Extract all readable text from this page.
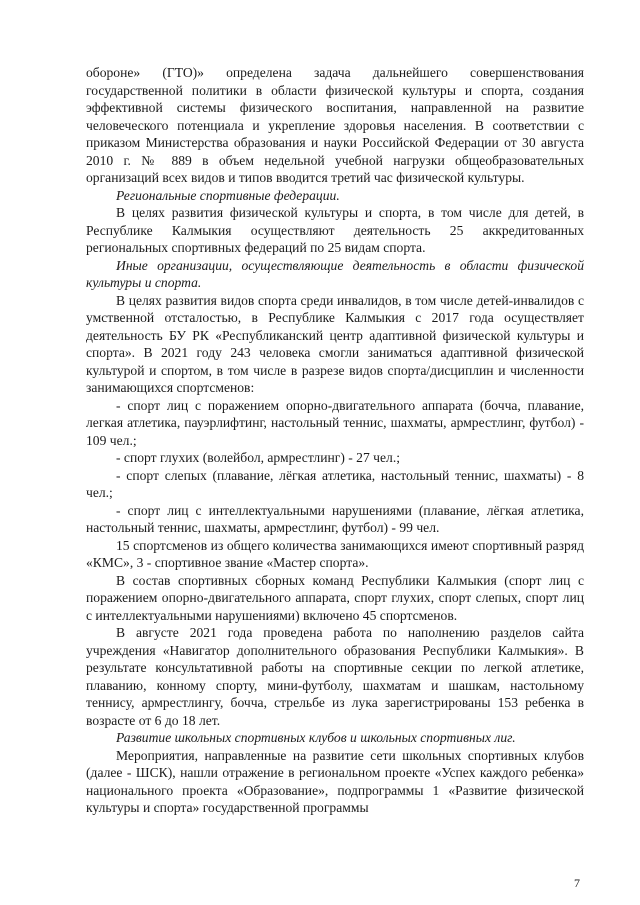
обороне» (ГТО)» определена задача дальнейшего совершенствования государственной политики в области физической культуры и спорта, создания эффективной системы физического воспитания, направленной на развитие человеческого потенциала и укрепление здоровья населения. В соответствии с приказом Министерства образования и науки Российской Федерации от 30 августа 2010 г. № 889 в объем недельной учебной нагрузки общеобразовательных организаций всех видов и типов вводится третий час физической культуры.

Региональные спортивные федерации.

В целях развития физической культуры и спорта, в том числе для детей, в Республике Калмыкия осуществляют деятельность 25 аккредитованных региональных спортивных федераций по 25 видам спорта.

Иные организации, осуществляющие деятельность в области физической культуры и спорта.

В целях развития видов спорта среди инвалидов, в том числе детей-инвалидов с умственной отсталостью, в Республике Калмыкия с 2017 года осуществляет деятельность БУ РК «Республиканский центр адаптивной физической культуры и спорта». В 2021 году 243 человека смогли заниматься адаптивной физической культурой и спортом, в том числе в разрезе видов спорта/дисциплин и численности занимающихся спортсменов:

- спорт лиц с поражением опорно-двигательного аппарата (бочча, плавание, легкая атлетика, пауэрлифтинг, настольный теннис, шахматы, армрестлинг, футбол) - 109 чел.;

- спорт глухих (волейбол, армрестлинг) - 27 чел.;

- спорт слепых (плавание, лёгкая атлетика, настольный теннис, шахматы) - 8 чел.;

- спорт лиц с интеллектуальными нарушениями (плавание, лёгкая атлетика, настольный теннис, шахматы, армрестлинг, футбол) - 99 чел.

15 спортсменов из общего количества занимающихся имеют спортивный разряд «КМС», 3 - спортивное звание «Мастер спорта».

В состав спортивных сборных команд Республики Калмыкия (спорт лиц с поражением опорно-двигательного аппарата, спорт глухих, спорт слепых, спорт лиц с интеллектуальными нарушениями) включено 45 спортсменов.

В августе 2021 года проведена работа по наполнению разделов сайта учреждения «Навигатор дополнительного образования Республики Калмыкия». В результате консультативной работы на спортивные секции по легкой атлетике, плаванию, конному спорту, мини-футболу, шахматам и шашкам, настольному теннису, армрестлингу, бочча, стрельбе из лука зарегистрированы 153 ребенка в возрасте от 6 до 18 лет.

Развитие школьных спортивных клубов и школьных спортивных лиг.

Мероприятия, направленные на развитие сети школьных спортивных клубов (далее - ШСК), нашли отражение в региональном проекте «Успех каждого ребенка» национального проекта «Образование», подпрограммы 1 «Развитие физической культуры и спорта» государственной программы

7
